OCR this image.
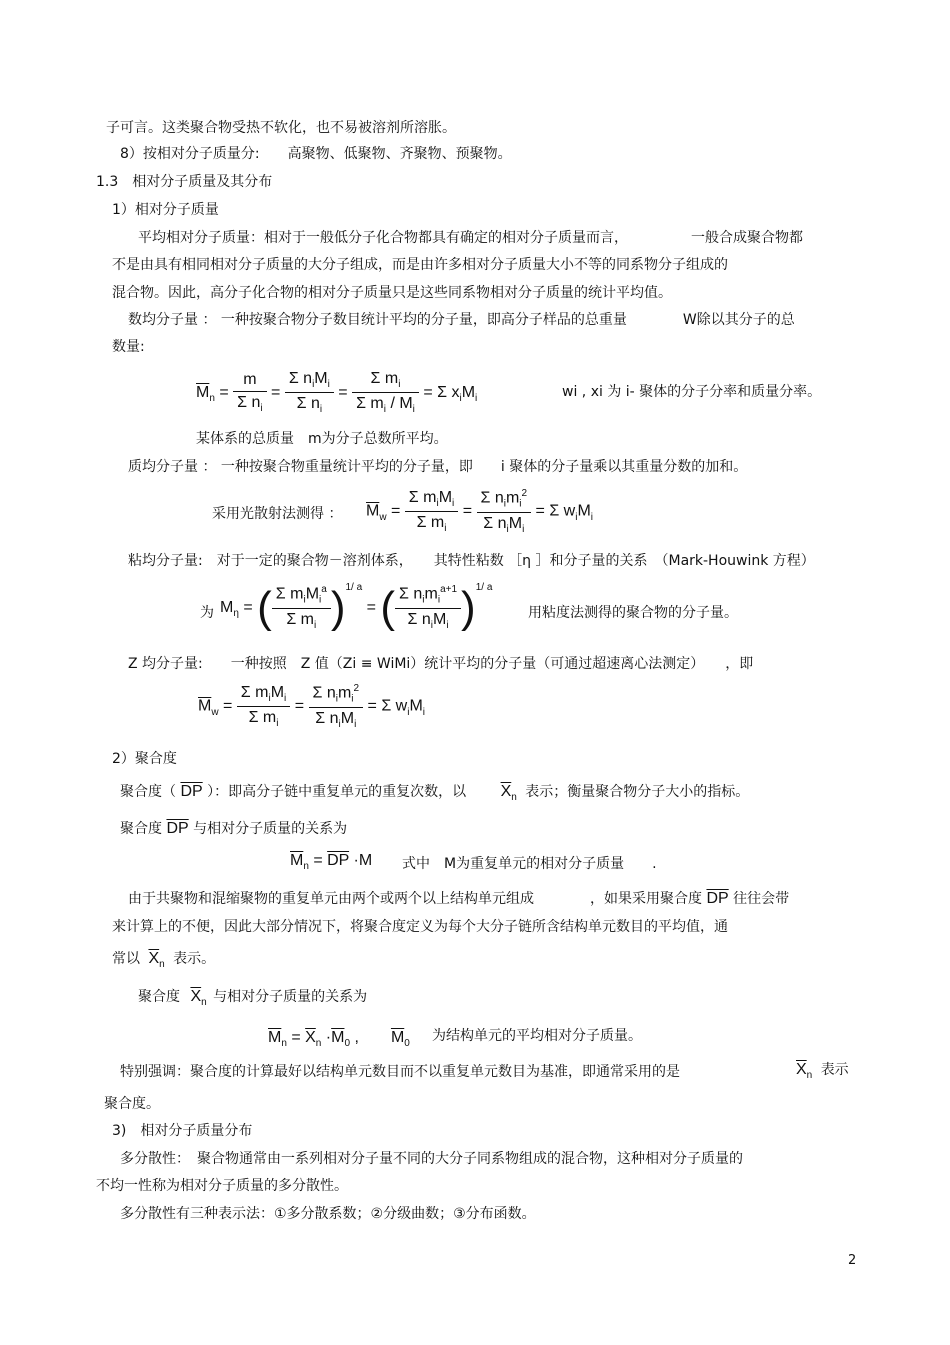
子可言。这类聚合物受热不软化，也不易被溶剂所溶胀。
8）按相对分子质量分:　　高聚物、低聚物、齐聚物、预聚物。
1.3　相对分子质量及其分布
1）相对分子质量
平均相对分子质量：相对于一般低分子化合物都具有确定的相对分子质量而言，　　　　　一般合成聚合物都
不是由具有相同相对分子质量的大分子组成，而是由许多相对分子质量大小不等的同系物分子组成的
混合物。因此，高分子化合物的相对分子质量只是这些同系物相对分子质量的统计平均值。
数均分子量 ： 一种按聚合物分子数目统计平均的分子量，即高分子样品的总重量　　　　W除以其分子的总
数量:
$\overline{M}_n = \frac{m}{\Sigma n_i} = \frac{\Sigma n_iM_i}{\Sigma n_i} = \frac{\Sigma m_i}{\Sigma m_i / M_i} = \Sigma$ $x_iM_i$	wi , xi 为 i- 聚体的分子分率和质量分率。
某体系的总质量　m为分子总数所平均。
质均分子量 ： 一种按聚合物重量统计平均的分子量，即　　i 聚体的分子量乘以其重量分数的加和。
采用光散射法测得 ： $\overline{M}_w = \frac{\Sigma m_iM_i}{\Sigma m_i} = \frac{\Sigma n_im_i^2}{\Sigma n_iM_i} = \Sigma$ $w_iM_i$
粘均分子量:　对于一定的聚合物－溶剂体系，　　其特性粘数 ［η ］和分子量的关系　（Mark-Houwink 方程）
为 $M_\eta$ = ( $\frac{\Sigma m_iM_i^a}{\Sigma m_i} )^{1/ a}$ = ( $\frac{\Sigma n_im_i^{a+1}}{\Sigma n_iM_i} )^{1/ a}$
用粘度法测得的聚合物的分子量。
Z 均分子量:　　一种按照　Z 值（Zi ≡ WiMi）统计平均的分子量（可通过超速离心法测定）　　，即
$\overline{M}_w = \frac{\Sigma m_iM_i}{\Sigma m_i} = \frac{\Sigma n_im_i^2}{\Sigma n_iM_i} = \Sigma$ $w_iM_i$
2）聚合度
聚合度（ $\overline{DP}$ ）：即高分子链中重复单元的重复次数，以 $\overline{X}_n$ 表示；衡量聚合物分子大小的指标。
聚合度 $\overline{DP}$ 与相对分子质量的关系为
$\overline{M}_n = \overline{DP} \cdot M$ 式中　M为重复单元的相对分子质量　　.
由于共聚物和混缩聚物的重复单元由两个或两个以上结构单元组成　　　　，如果采用聚合度 $\overline{DP}$ 往往会带
来计算上的不便，因此大部分情况下，将聚合度定义为每个大分子链所含结构单元数目的平均值，通
常以 $\overline{X}_n$ 表示。
聚合度 $\overline{X}_n$ 与相对分子质量的关系为
$\overline{M}_n = \overline{X}_n \cdot\overline{M}_0$ ,　　$\overline{M}_0$ 为结构单元的平均相对分子质量。
特别强调：聚合度的计算最好以结构单元数目而不以重复单元数目为基准，即通常采用的是	$\overline{X}_n$ 表示
聚合度。
3)　相对分子质量分布
多分散性：　聚合物通常由一系列相对分子量不同的大分子同系物组成的混合物，这种相对分子质量的
不均一性称为相对分子质量的多分散性。
多分散性有三种表示法：①多分散系数；②分级曲数；③分布函数。
2
